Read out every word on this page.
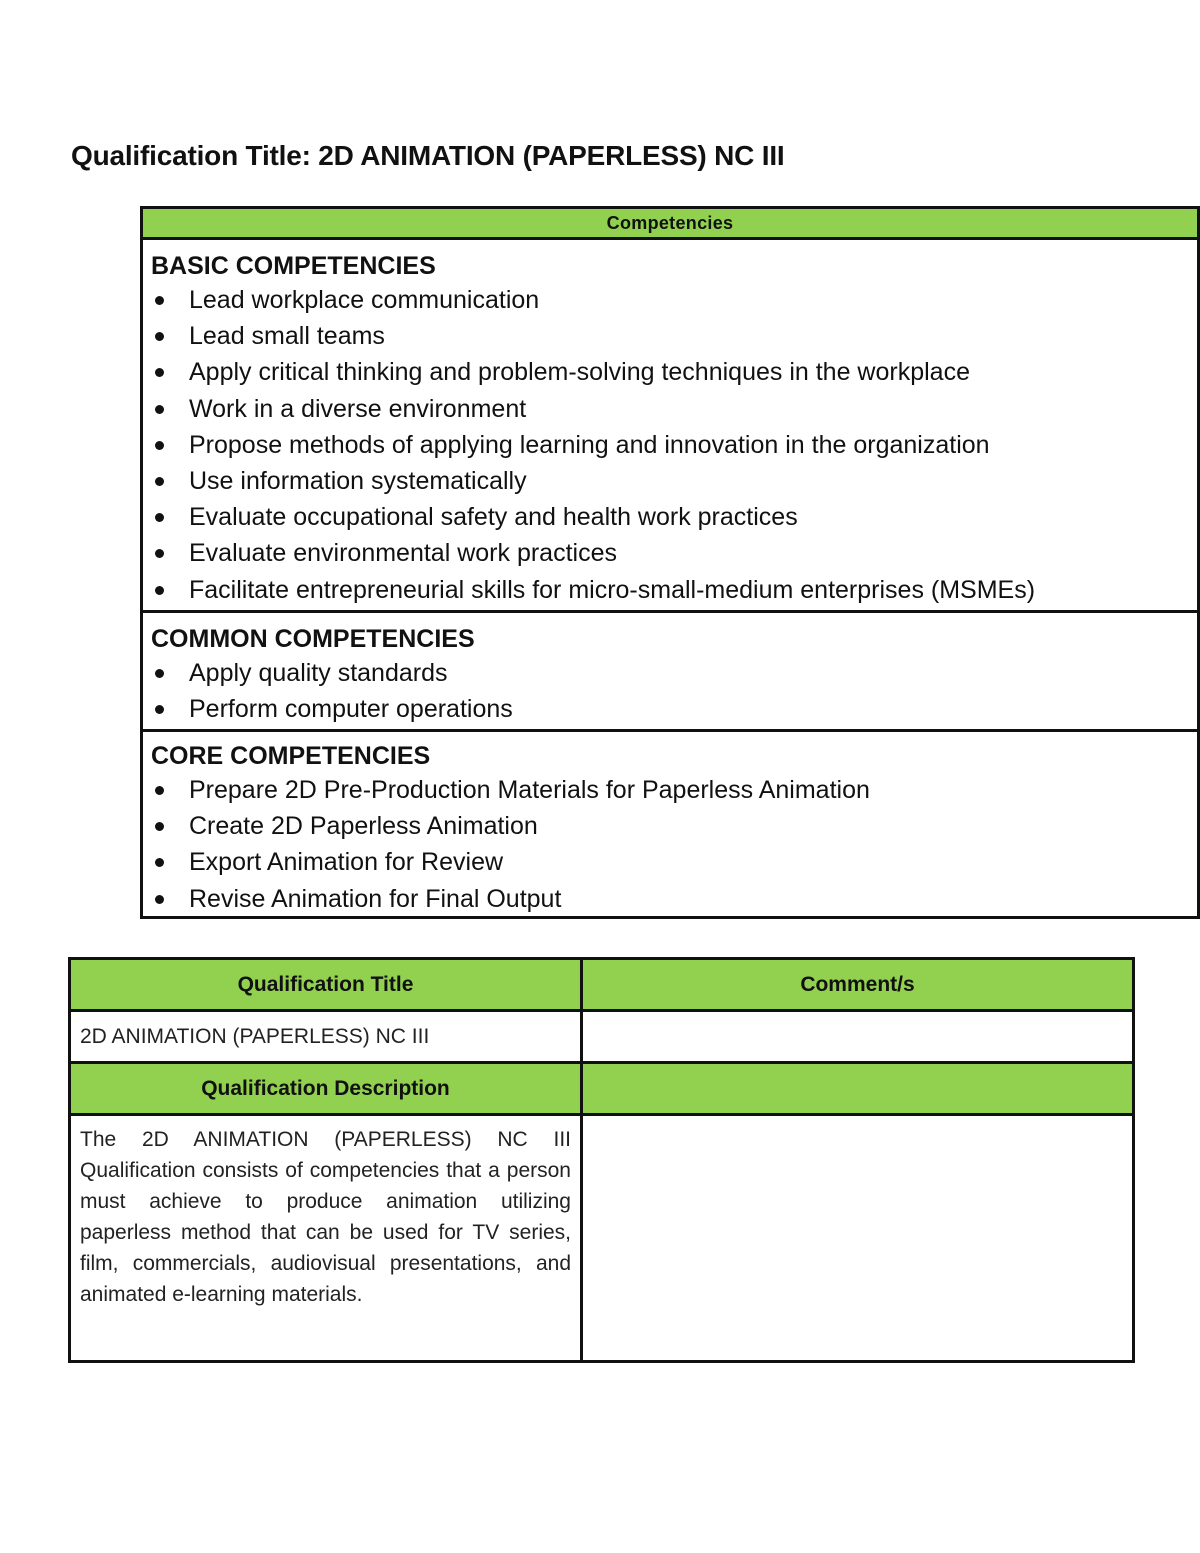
Qualification Title: 2D ANIMATION (PAPERLESS) NC III
Competencies

BASIC COMPETENCIES
Lead workplace communication
Lead small teams
Apply critical thinking and problem-solving techniques in the workplace
Work in a diverse environment
Propose methods of applying learning and innovation in the organization
Use information systematically
Evaluate occupational safety and health work practices
Evaluate environmental work practices
Facilitate entrepreneurial skills for micro-small-medium enterprises (MSMEs)

COMMON COMPETENCIES
Apply quality standards
Perform computer operations

CORE COMPETENCIES
Prepare 2D Pre-Production Materials for Paperless Animation
Create 2D Paperless Animation
Export Animation for Review
Revise Animation for Final Output
Qualification Title	Comment/s
2D ANIMATION (PAPERLESS) NC III	
Qualification Description	
The 2D ANIMATION (PAPERLESS) NC III Qualification consists of competencies that a person must achieve to produce animation utilizing paperless method that can be used for TV series, film, commercials, audiovisual presentations, and animated e-learning materials.	
